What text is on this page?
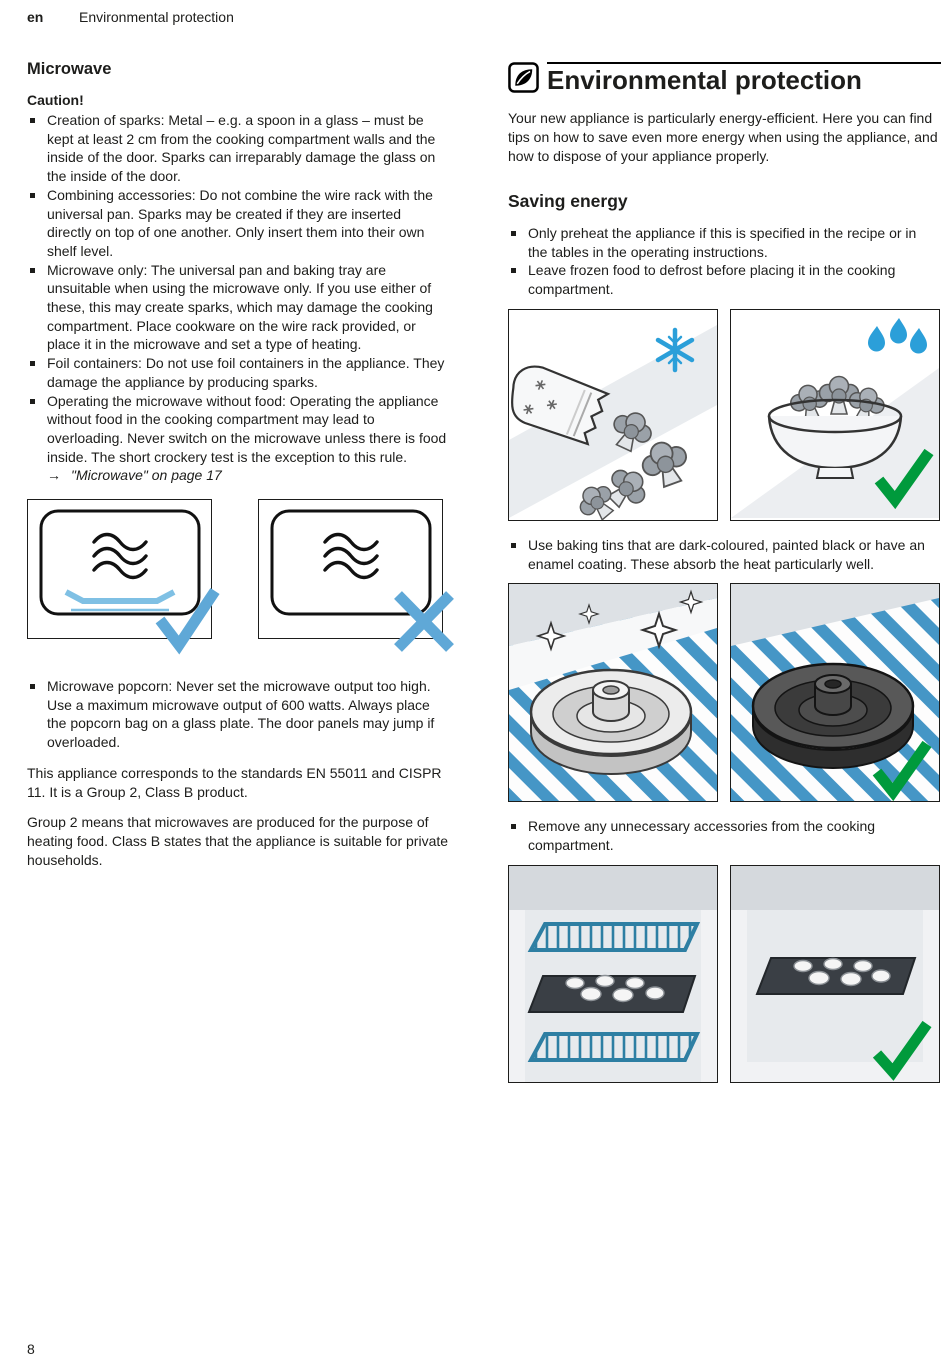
en	Environmental protection
8
Microwave
Caution!
Creation of sparks: Metal – e.g. a spoon in a glass – must be kept at least 2 cm from the cooking compartment walls and the inside of the door. Sparks can irreparably damage the glass on the inside of the door.
Combining accessories: Do not combine the wire rack with the universal pan. Sparks may be created if they are inserted directly on top of one another. Only insert them into their own shelf level.
Microwave only: The universal pan and baking tray are unsuitable when using the microwave only. If you use either of these, this may create sparks, which may damage the cooking compartment. Place cookware on the wire rack provided, or place it in the microwave and set a type of heating.
Foil containers: Do not use foil containers in the appliance. They damage the appliance by producing sparks.
Operating the microwave without food: Operating the appliance without food in the cooking compartment may lead to overloading. Never switch on the microwave unless there is food inside. The short crockery test is the exception to this rule.
→ "Microwave" on page 17
Microwave popcorn: Never set the microwave output too high. Use a maximum microwave output of 600 watts. Always place the popcorn bag on a glass plate. The door panels may jump if overloaded.

This appliance corresponds to the standards EN 55011 and CISPR 11. It is a Group 2, Class B product.

Group 2 means that microwaves are produced for the purpose of heating food. Class B states that the appliance is suitable for private households.

Environmental protection

Your new appliance is particularly energy-efficient. Here you can find tips on how to save even more energy when using the appliance, and how to dispose of your appliance properly.

Saving energy
Only preheat the appliance if this is specified in the recipe or in the tables in the operating instructions.
Leave frozen food to defrost before placing it in the cooking compartment.
Use baking tins that are dark-coloured, painted black or have an enamel coating. These absorb the heat particularly well.
Remove any unnecessary accessories from the cooking compartment.
